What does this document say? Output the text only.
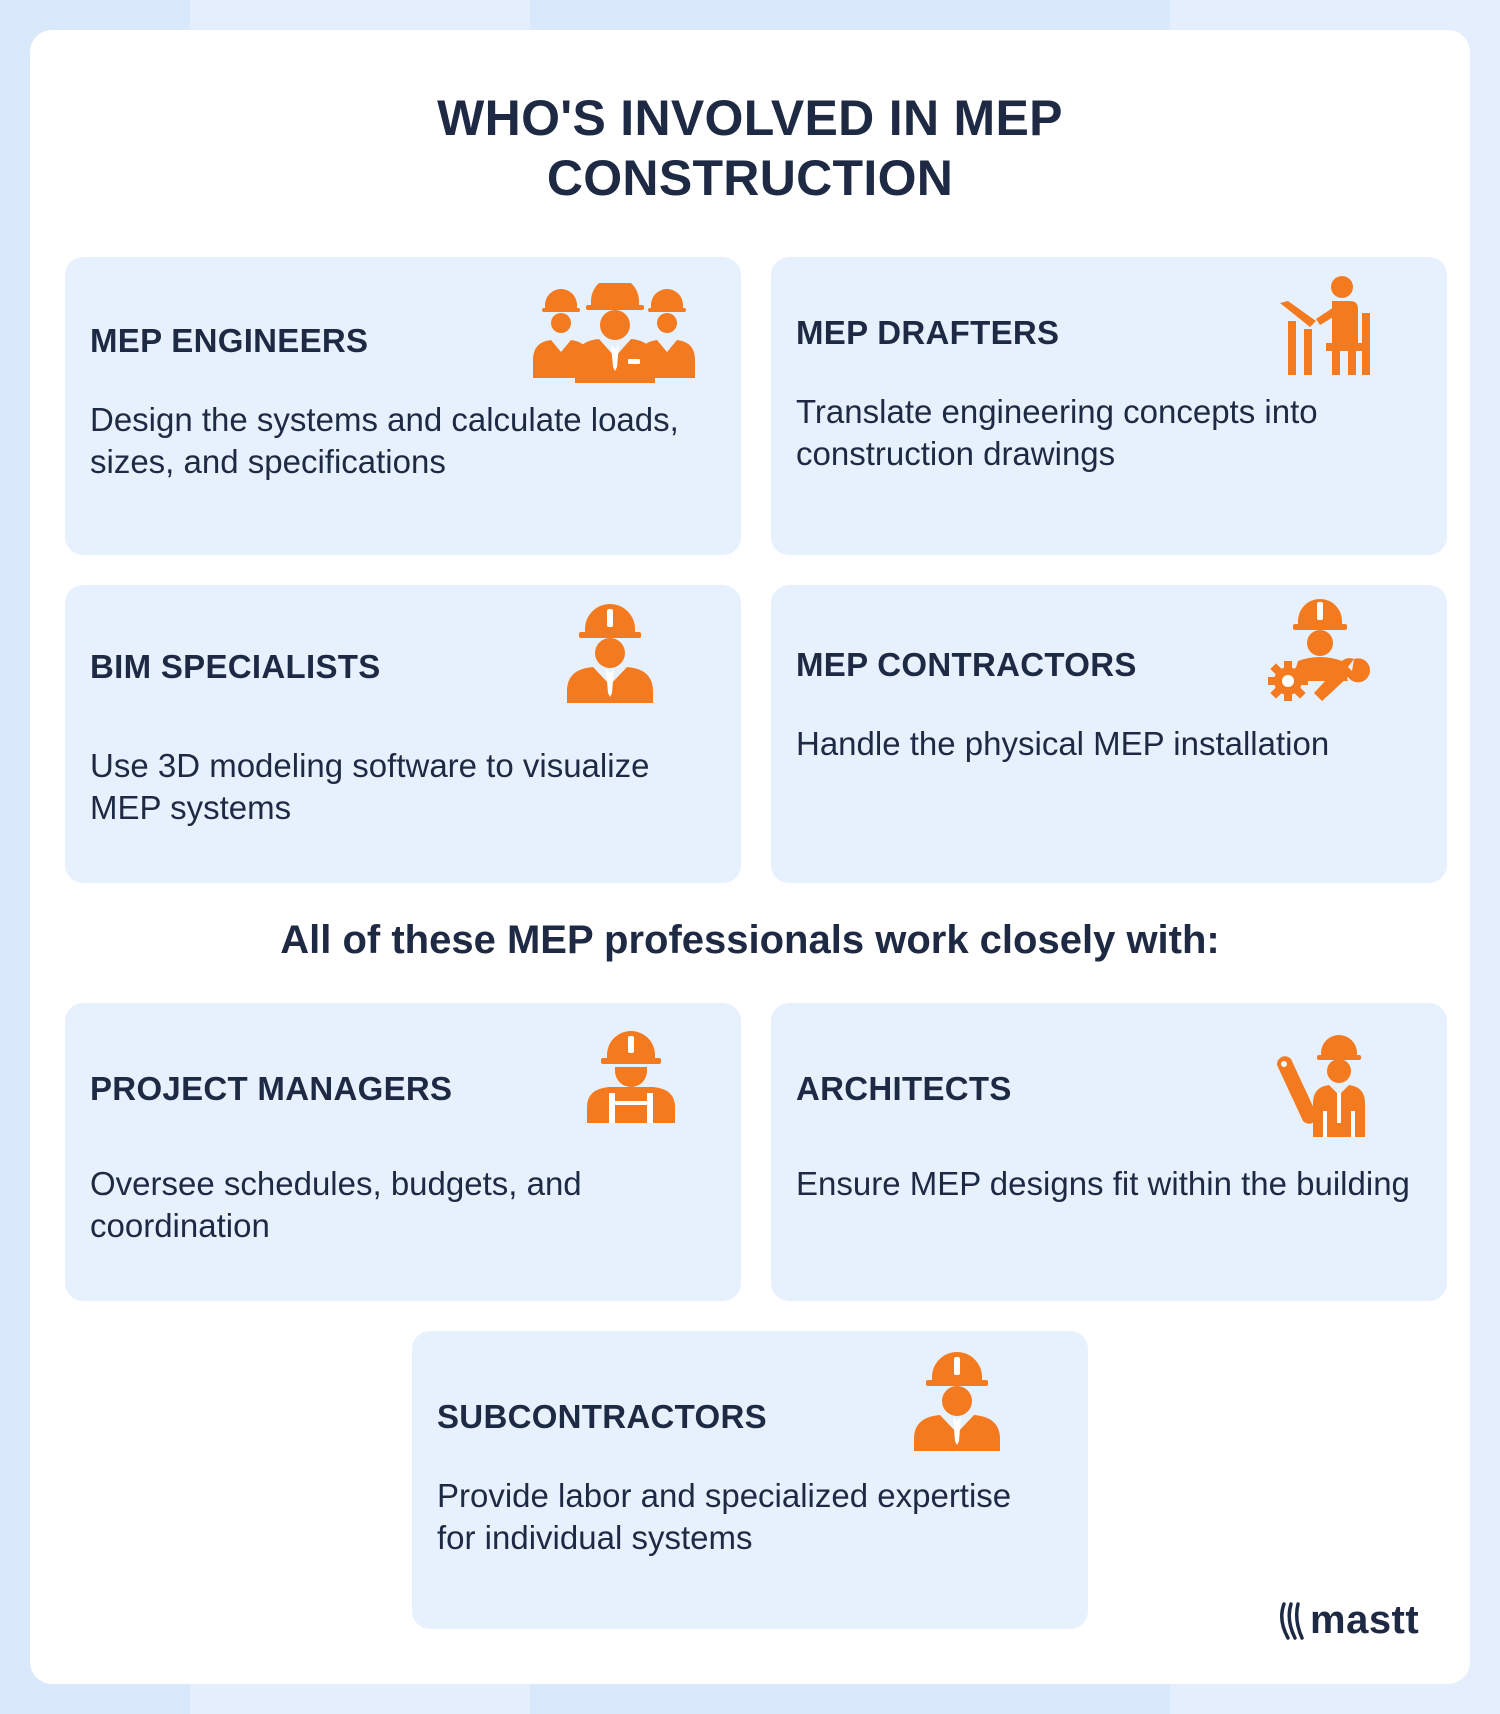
WHO'S INVOLVED IN MEP
CONSTRUCTION
MEP ENGINEERS
Design the systems and calculate loads, sizes, and specifications
MEP DRAFTERS
Translate engineering concepts into construction drawings
BIM SPECIALISTS
Use 3D modeling software to visualize MEP systems
MEP CONTRACTORS
Handle the physical MEP installation
All of these MEP professionals work closely with:
PROJECT MANAGERS
Oversee schedules, budgets, and coordination
ARCHITECTS
Ensure MEP designs fit within the building
SUBCONTRACTORS
Provide labor and specialized expertise for individual systems
mastt
